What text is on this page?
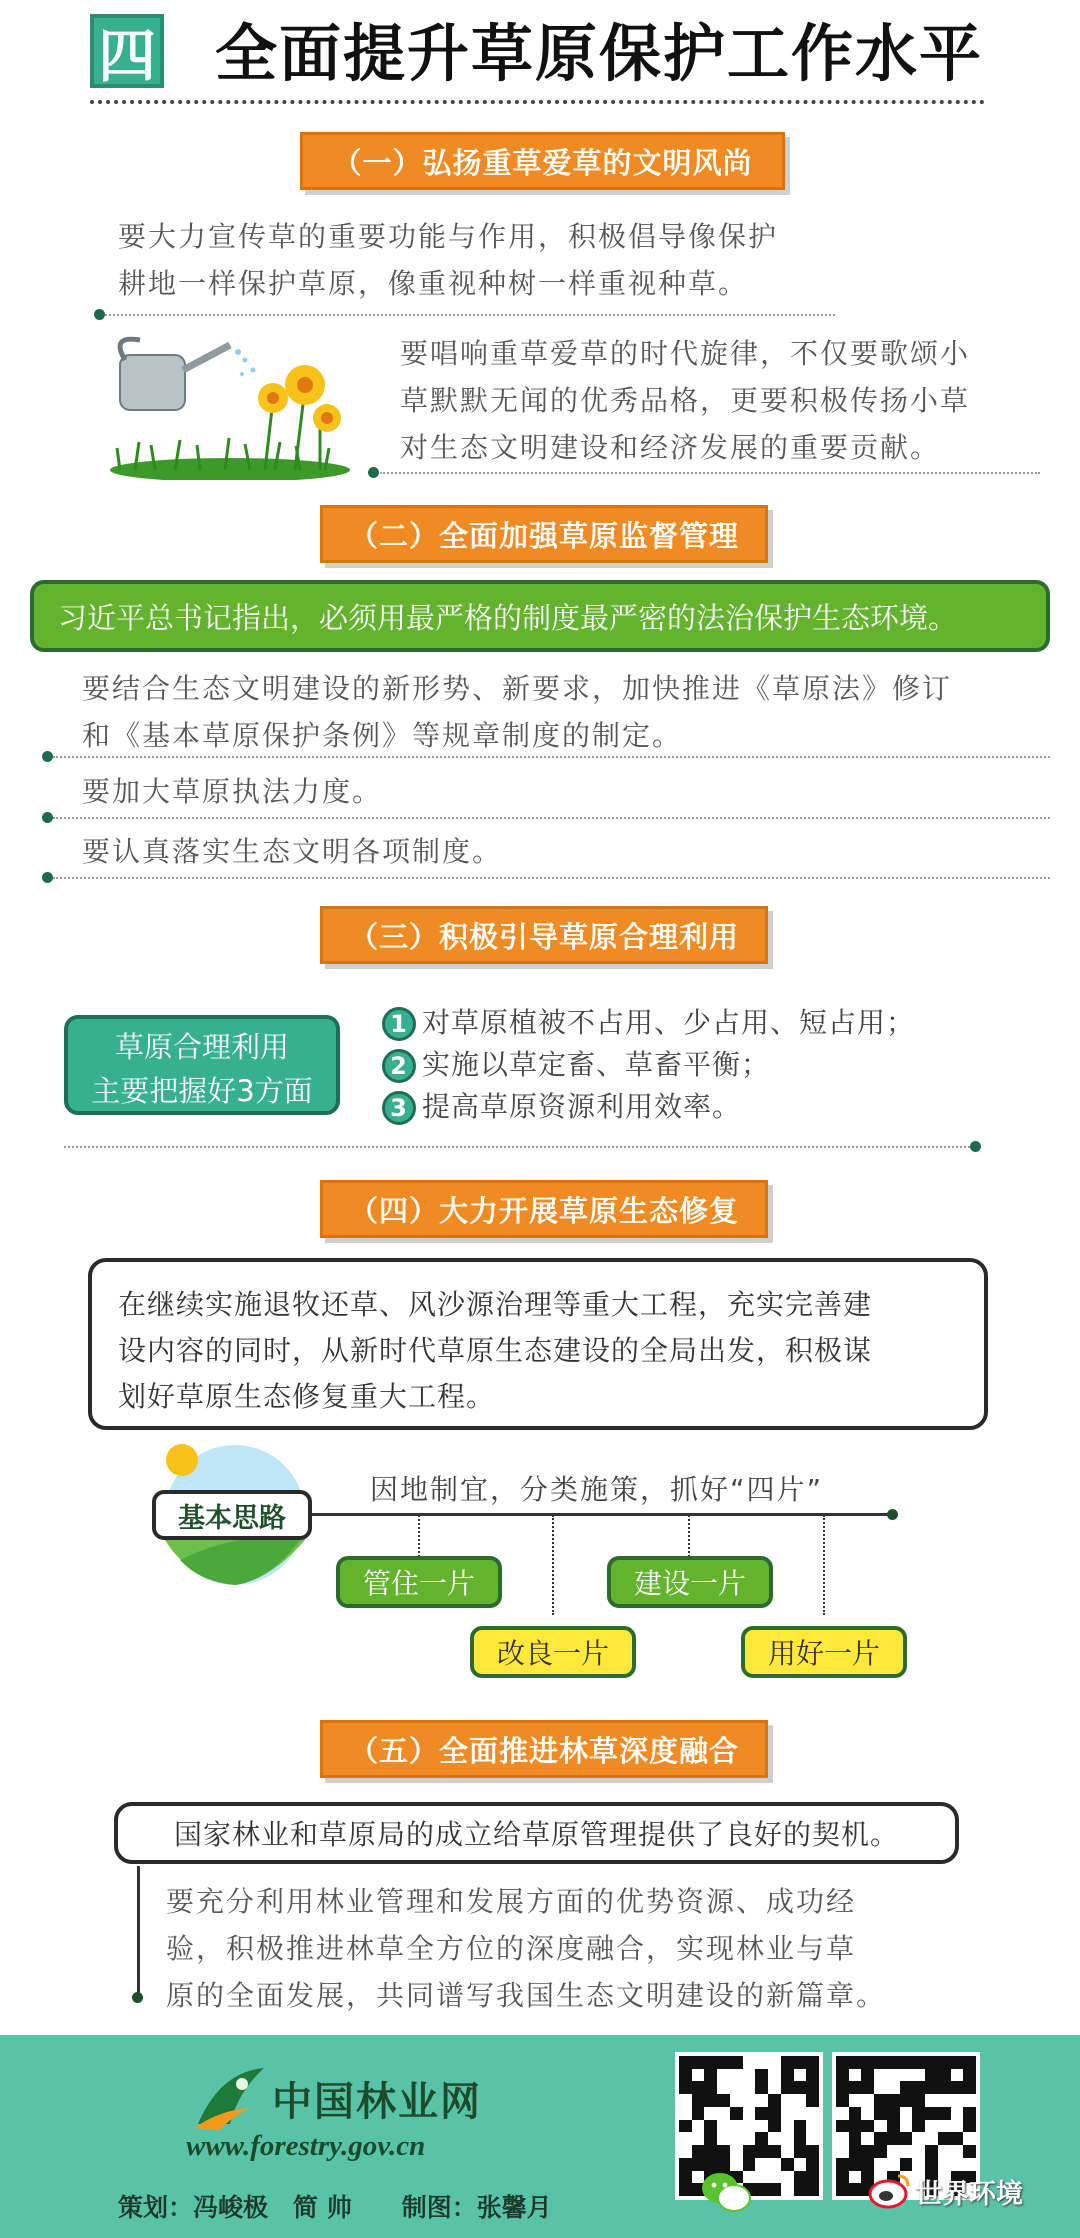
四 全面提升草原保护工作水平
（一）弘扬重草爱草的文明风尚
要大力宣传草的重要功能与作用，积极倡导像保护
耕地一样保护草原，像重视种树一样重视种草。
要唱响重草爱草的时代旋律，不仅要歌颂小
草默默无闻的优秀品格，更要积极传扬小草
对生态文明建设和经济发展的重要贡献。
（二）全面加强草原监督管理
习近平总书记指出，必须用最严格的制度最严密的法治保护生态环境。
要结合生态文明建设的新形势、新要求，加快推进《草原法》修订
和《基本草原保护条例》等规章制度的制定。
要加大草原执法力度。
要认真落实生态文明各项制度。
（三）积极引导草原合理利用
草原合理利用
主要把握好3方面
1 对草原植被不占用、少占用、短占用；
2 实施以草定畜、草畜平衡；
3 提高草原资源利用效率。
（四）大力开展草原生态修复
在继续实施退牧还草、风沙源治理等重大工程，充实完善建
设内容的同时，从新时代草原生态建设的全局出发，积极谋
划好草原生态修复重大工程。
基本思路
因地制宜，分类施策，抓好“四片”
管住一片
改良一片
建设一片
用好一片
（五）全面推进林草深度融合
国家林业和草原局的成立给草原管理提供了良好的契机。
要充分利用林业管理和发展方面的优势资源、成功经
验，积极推进林草全方位的深度融合，实现林业与草
原的全面发展，共同谱写我国生态文明建设的新篇章。
中国林业网
www.forestry.gov.cn
策划：冯峻极　简 帅　　制图：张馨月	世界环境
